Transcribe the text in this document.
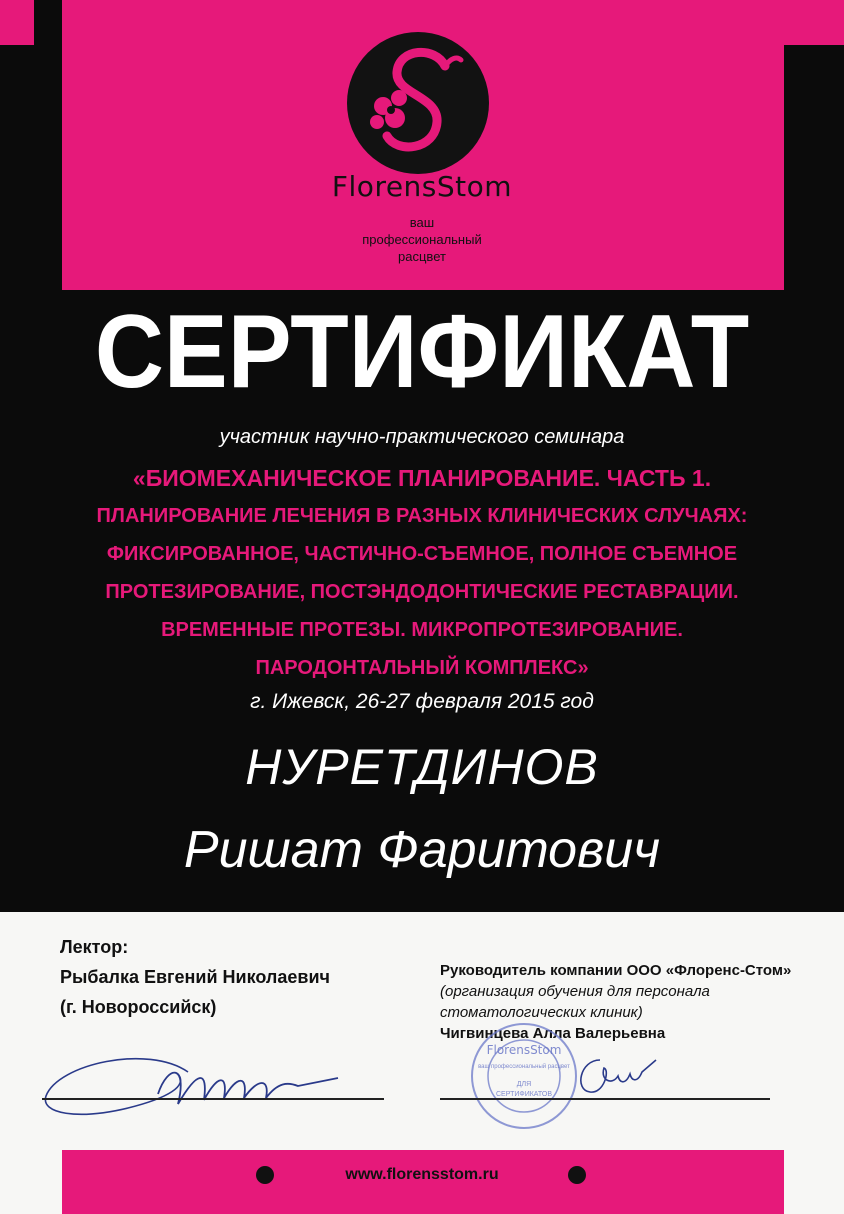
FlorensStom
ваш
профессиональный
расцвет
СЕРТИФИКАТ
участник научно-практического семинара
«БИОМЕХАНИЧЕСКОЕ ПЛАНИРОВАНИЕ. ЧАСТЬ 1.
ПЛАНИРОВАНИЕ ЛЕЧЕНИЯ В РАЗНЫХ КЛИНИЧЕСКИХ СЛУЧАЯХ:
ФИКСИРОВАННОЕ, ЧАСТИЧНО-СЪЕМНОЕ, ПОЛНОЕ СЪЕМНОЕ
ПРОТЕЗИРОВАНИЕ, ПОСТЭНДОДОНТИЧЕСКИЕ РЕСТАВРАЦИИ.
ВРЕМЕННЫЕ ПРОТЕЗЫ. МИКРОПРОТЕЗИРОВАНИЕ.
ПАРОДОНТАЛЬНЫЙ КОМПЛЕКС»
г. Ижевск, 26-27 февраля 2015 год
НУРЕТДИНОВ
Ришат Фаритович
Лектор:
Рыбалка Евгений Николаевич
(г. Новороссийск)
Руководитель компании ООО «Флоренс-Стом»
(организация обучения для персонала
стоматологических клиник)
Чигвинцева Алла Валерьевна
FlorensStom
ваш профессиональный расцвет
ДЛЯ
СЕРТИФИКАТОВ
www.florensstom.ru
